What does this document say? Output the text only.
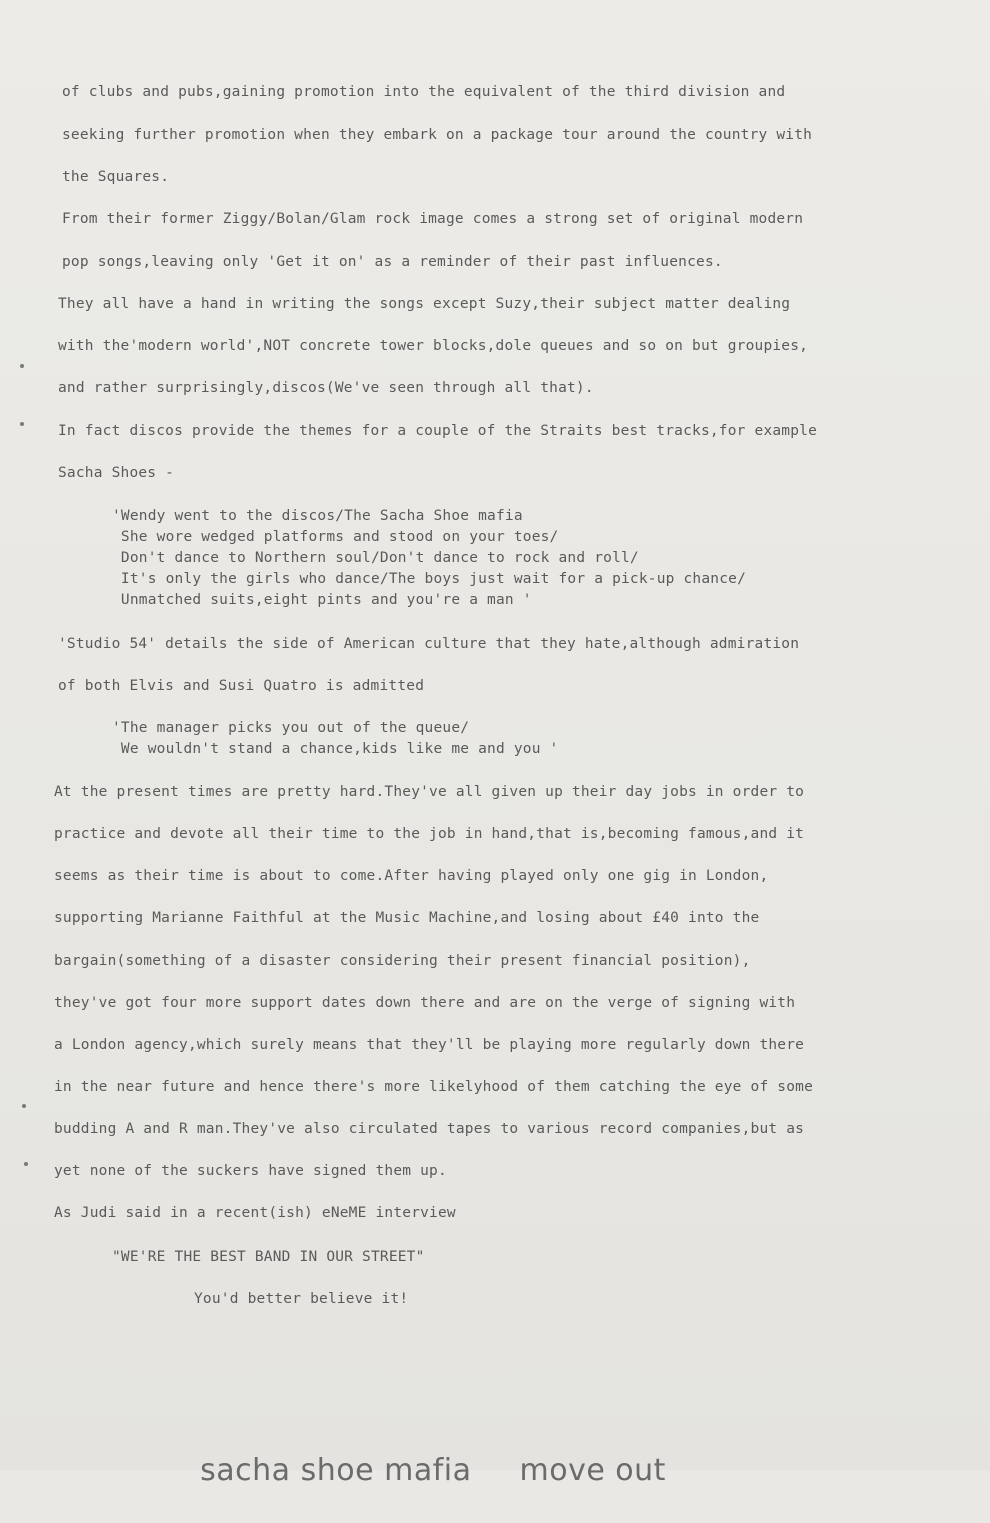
of clubs and pubs,gaining promotion into the equivalent of the third division and
seeking further promotion when they embark on a package tour around the country with
the Squares.
From their former Ziggy/Bolan/Glam rock image comes a strong set of original modern
pop songs,leaving only 'Get it on' as a reminder of their past influences.
They all have a hand in writing the songs except Suzy,their subject matter dealing
with the'modern world',NOT concrete tower blocks,dole queues and so on but groupies,
and rather surprisingly,discos(We've seen through all that).
In fact discos provide the themes for a couple of the Straits best tracks,for example
Sacha Shoes -
'Wendy went to the discos/The Sacha Shoe mafia
She wore wedged platforms and stood on your toes/
Don't dance to Northern soul/Don't dance to rock and roll/
It's only the girls who dance/The boys just wait for a pick-up chance/
Unmatched suits,eight pints and you're a man '
'Studio 54' details the side of American culture that they hate,although admiration
of both Elvis and Susi Quatro is admitted
'The manager picks you out of the queue/
We wouldn't stand a chance,kids like me and you '
At the present times are pretty hard.They've all given up their day jobs in order to
practice and devote all their time to the job in hand,that is,becoming famous,and it
seems as their time is about to come.After having played only one gig in London,
supporting Marianne Faithful at the Music Machine,and losing about £40 into the
bargain(something of a disaster considering their present financial position),
they've got four more support dates down there and are on the verge of signing with
a London agency,which surely means that they'll be playing more regularly down there
in the near future and hence there's more likelyhood of them catching the eye of some
budding A and R man.They've also circulated tapes to various record companies,but as
yet none of the suckers have signed them up.
As Judi said in a recent(ish) eNeME interview
"WE'RE THE BEST BAND IN OUR STREET"
You'd better believe it!

sacha shoe mafia move out
